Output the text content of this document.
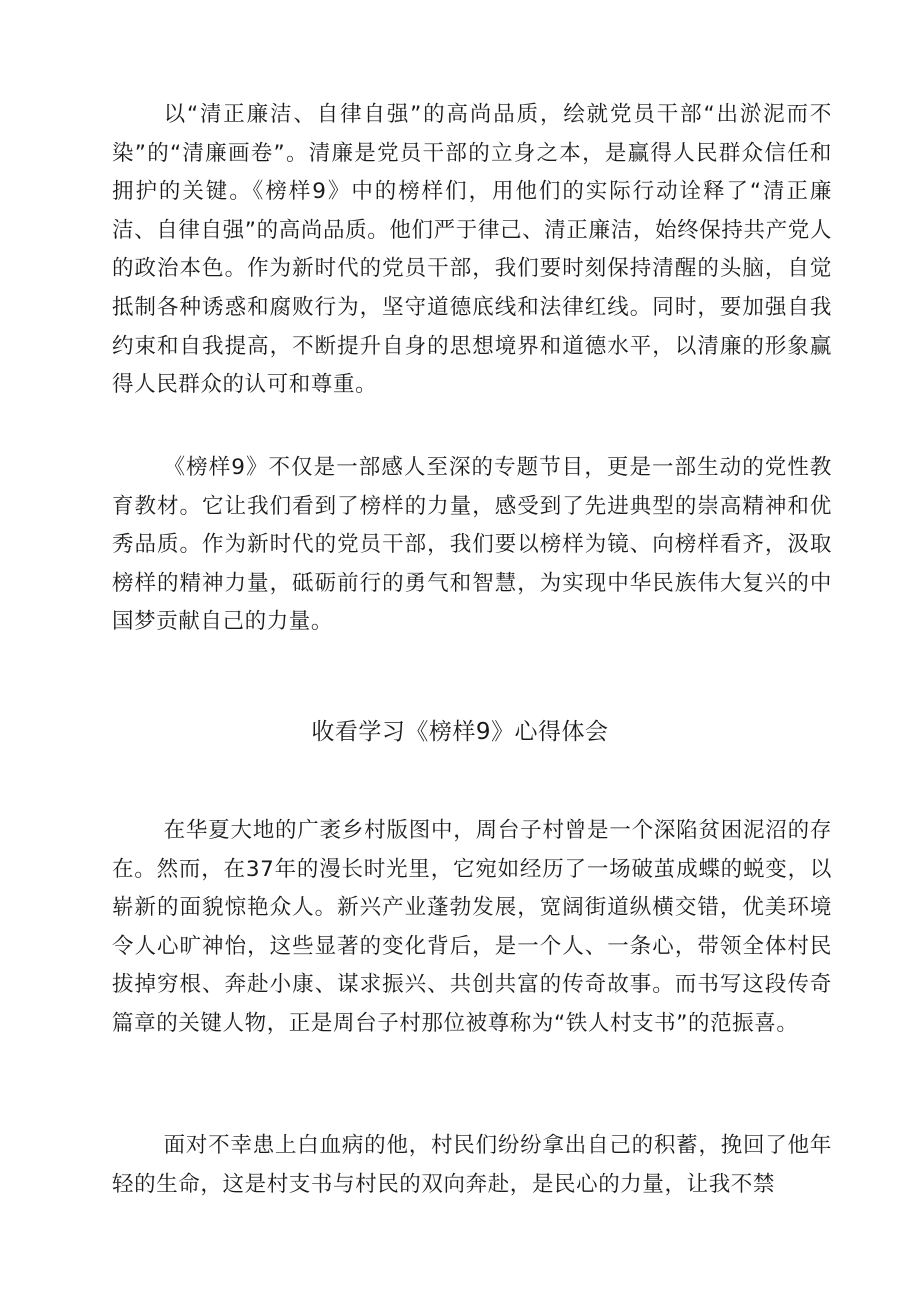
以“清正廉洁、自律自强”的高尚品质，绘就党员干部“出淤泥而不染”的“清廉画卷”。清廉是党员干部的立身之本，是赢得人民群众信任和拥护的关键。《榜样9》中的榜样们，用他们的实际行动诠释了“清正廉洁、自律自强”的高尚品质。他们严于律己、清正廉洁，始终保持共产党人的政治本色。作为新时代的党员干部，我们要时刻保持清醒的头脑，自觉抵制各种诱惑和腐败行为，坚守道德底线和法律红线。同时，要加强自我约束和自我提高，不断提升自身的思想境界和道德水平，以清廉的形象赢得人民群众的认可和尊重。

《榜样9》不仅是一部感人至深的专题节目，更是一部生动的党性教育教材。它让我们看到了榜样的力量，感受到了先进典型的崇高精神和优秀品质。作为新时代的党员干部，我们要以榜样为镜、向榜样看齐，汲取榜样的精神力量，砥砺前行的勇气和智慧，为实现中华民族伟大复兴的中国梦贡献自己的力量。

收看学习《榜样9》心得体会

在华夏大地的广袤乡村版图中，周台子村曾是一个深陷贫困泥沼的存在。然而，在37年的漫长时光里，它宛如经历了一场破茧成蝶的蜕变，以崭新的面貌惊艳众人。新兴产业蓬勃发展，宽阔街道纵横交错，优美环境令人心旷神怡，这些显著的变化背后，是一个人、一条心，带领全体村民拔掉穷根、奔赴小康、谋求振兴、共创共富的传奇故事。而书写这段传奇篇章的关键人物，正是周台子村那位被尊称为“铁人村支书”的范振喜。

面对不幸患上白血病的他，村民们纷纷拿出自己的积蓄，挽回了他年轻的生命，这是村支书与村民的双向奔赴，是民心的力量，让我不禁
